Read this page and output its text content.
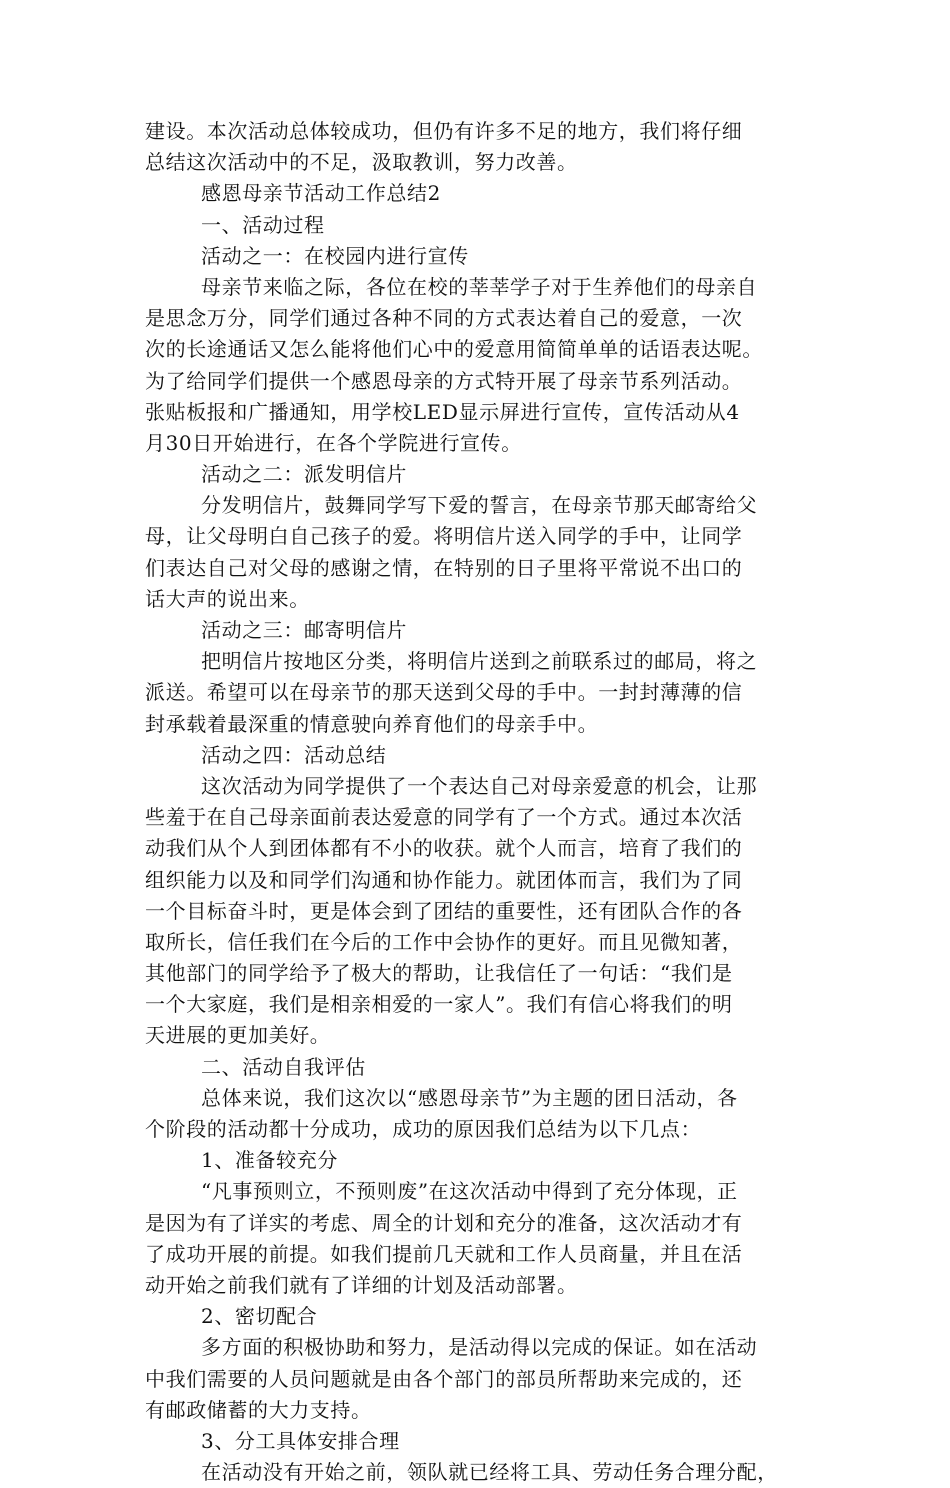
建设。本次活动总体较成功，但仍有许多不足的地方，我们将仔细
总结这次活动中的不足，汲取教训，努力改善。
感恩母亲节活动工作总结2
一、活动过程
活动之一：在校园内进行宣传
母亲节来临之际，各位在校的莘莘学子对于生养他们的母亲自
是思念万分，同学们通过各种不同的方式表达着自己的爱意，一次
次的长途通话又怎么能将他们心中的爱意用简简单单的话语表达呢。
为了给同学们提供一个感恩母亲的方式特开展了母亲节系列活动。
张贴板报和广播通知，用学校LED显示屏进行宣传，宣传活动从4
月30日开始进行，在各个学院进行宣传。
活动之二：派发明信片
分发明信片，鼓舞同学写下爱的誓言，在母亲节那天邮寄给父
母，让父母明白自己孩子的爱。将明信片送入同学的手中，让同学
们表达自己对父母的感谢之情，在特别的日子里将平常说不出口的
话大声的说出来。
活动之三：邮寄明信片
把明信片按地区分类，将明信片送到之前联系过的邮局，将之
派送。希望可以在母亲节的那天送到父母的手中。一封封薄薄的信
封承载着最深重的情意驶向养育他们的母亲手中。
活动之四：活动总结
这次活动为同学提供了一个表达自己对母亲爱意的机会，让那
些羞于在自己母亲面前表达爱意的同学有了一个方式。通过本次活
动我们从个人到团体都有不小的收获。就个人而言，培育了我们的
组织能力以及和同学们沟通和协作能力。就团体而言，我们为了同
一个目标奋斗时，更是体会到了团结的重要性，还有团队合作的各
取所长，信任我们在今后的工作中会协作的更好。而且见微知著，
其他部门的同学给予了极大的帮助，让我信任了一句话：“我们是
一个大家庭，我们是相亲相爱的一家人”。我们有信心将我们的明
天进展的更加美好。
二、活动自我评估
总体来说，我们这次以“感恩母亲节”为主题的团日活动，各
个阶段的活动都十分成功，成功的原因我们总结为以下几点：
1、准备较充分
“凡事预则立，不预则废”在这次活动中得到了充分体现，正
是因为有了详实的考虑、周全的计划和充分的准备，这次活动才有
了成功开展的前提。如我们提前几天就和工作人员商量，并且在活
动开始之前我们就有了详细的计划及活动部署。
2、密切配合
多方面的积极协助和努力，是活动得以完成的保证。如在活动
中我们需要的人员问题就是由各个部门的部员所帮助来完成的，还
有邮政储蓄的大力支持。
3、分工具体安排合理
在活动没有开始之前，领队就已经将工具、劳动任务合理分配，
